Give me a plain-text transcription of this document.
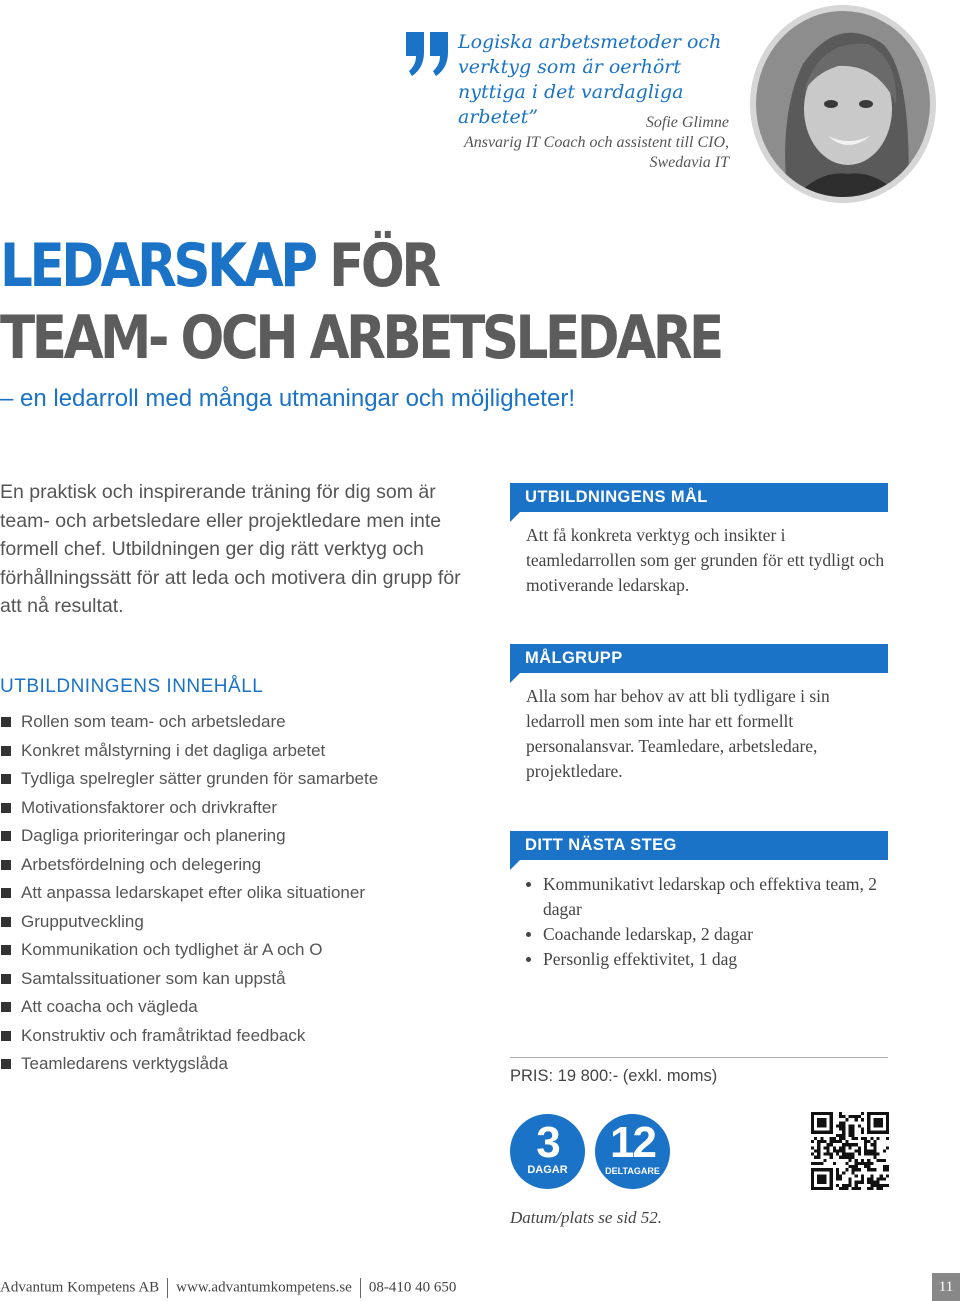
Logiska arbetsmetoder och verktyg som är oerhört nyttiga i det vardagliga arbetet”	Sofie Glimne
Ansvarig IT Coach och assistent till CIO,
Swedavia IT
LEDARSKAP FÖR
TEAM- OCH ARBETSLEDARE
– en ledarroll med många utmaningar och möjligheter!
En praktisk och inspirerande träning för dig som är team- och arbetsledare eller projektledare men inte formell chef. Utbildningen ger dig rätt verktyg och förhållningssätt för att leda och motivera din grupp för att nå resultat.
UTBILDNINGENS INNEHÅLL
Rollen som team- och arbetsledare
Konkret målstyrning i det dagliga arbetet
Tydliga spelregler sätter grunden för samarbete
Motivationsfaktorer och drivkrafter
Dagliga prioriteringar och planering
Arbetsfördelning och delegering
Att anpassa ledarskapet efter olika situationer
Grupputveckling
Kommunikation och tydlighet är A och O
Samtalssituationer som kan uppstå
Att coacha och vägleda
Konstruktiv och framåtriktad feedback
Teamledarens verktygslåda
UTBILDNINGENS MÅL
Att få konkreta verktyg och insikter i teamledarrollen som ger grunden för ett tydligt och motiverande ledarskap.
MÅLGRUPP
Alla som har behov av att bli tydligare i sin ledarroll men som inte har ett formellt personalansvar. Teamledare, arbetsledare, projektledare.
DITT NÄSTA STEG
Kommunikativt ledarskap och effektiva team, 2 dagar
Coachande ledarskap, 2 dagar
Personlig effektivitet, 1 dag
PRIS: 19 800:- (exkl. moms)
3
DAGAR
12
DELTAGARE
Datum/plats se sid 52.
Advantum Kompetens AB www.advantumkompetens.se 08-410 40 650	11
